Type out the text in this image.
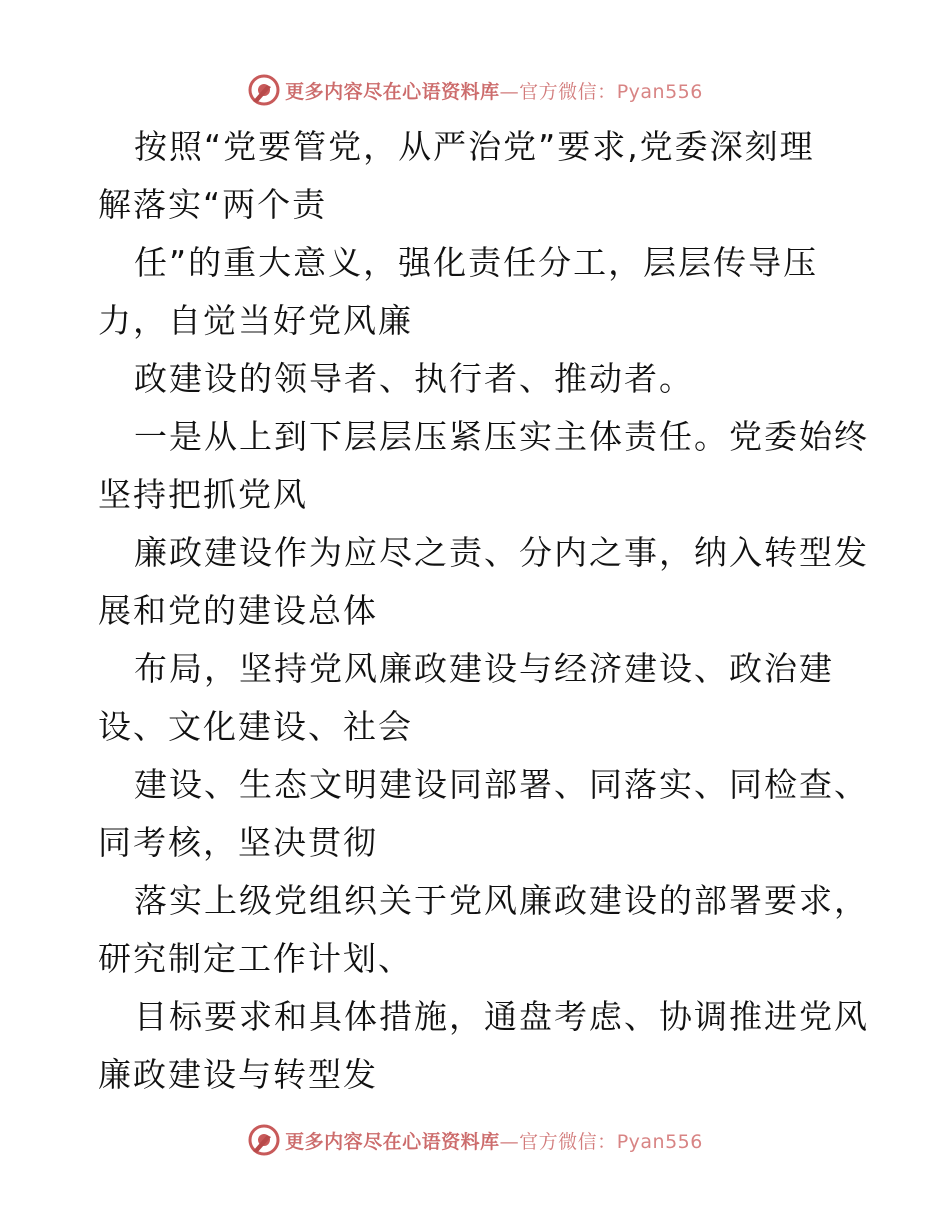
更多内容尽在心语资料库—官方微信：Pyan556
按照“党要管党，从严治党”要求,党委深刻理
解落实“两个责
任”的重大意义，强化责任分工，层层传导压
力，自觉当好党风廉
政建设的领导者、执行者、推动者。
一是从上到下层层压紧压实主体责任。党委始终
坚持把抓党风
廉政建设作为应尽之责、分内之事，纳入转型发
展和党的建设总体
布局，坚持党风廉政建设与经济建设、政治建
设、文化建设、社会
建设、生态文明建设同部署、同落实、同检查、
同考核，坚决贯彻
落实上级党组织关于党风廉政建设的部署要求，
研究制定工作计划、
目标要求和具体措施，通盘考虑、协调推进党风
廉政建设与转型发
更多内容尽在心语资料库—官方微信：Pyan556
